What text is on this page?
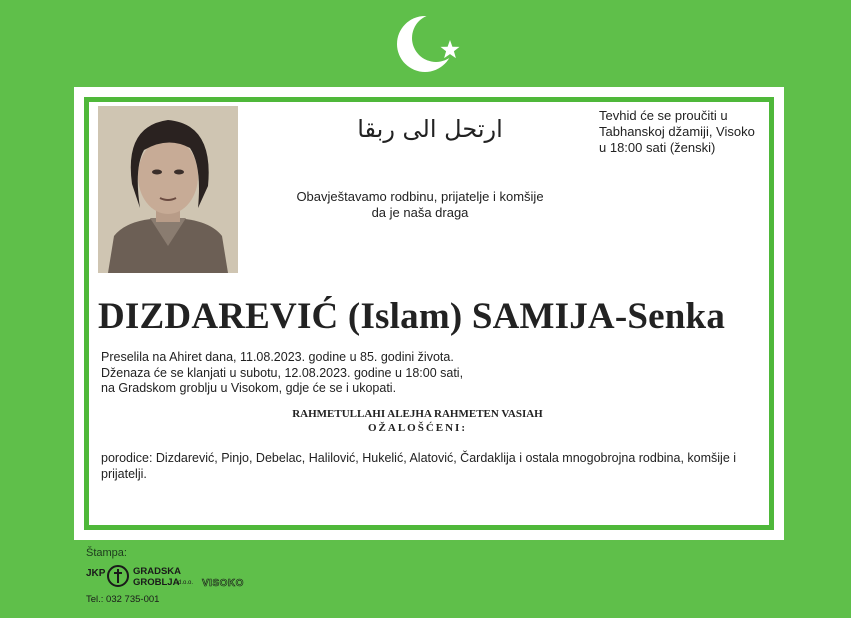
ارتحل الى ربقا	Tevhid će se proučiti u
Tabhanskoj džamiji, Visoko
u 18:00 sati (ženski)
Obavještavamo rodbinu, prijatelje i komšije
da je naša draga
DIZDAREVIĆ (Islam) SAMIJA-Senka
Preselila na Ahiret dana, 11.08.2023. godine u 85. godini života.
Dženaza će se klanjati u subotu, 12.08.2023. godine u 18:00 sati,
na Gradskom groblju u Visokom, gdje će se i ukopati.
RAHMETULLAHI ALEJHA RAHMETEN VASIAH
OŽALOŠĆENI:
porodice: Dizdarević, Pinjo, Debelac, Halilović, Hukelić, Alatović, Čardaklija i ostala mnogobrojna rodbina, komšije i prijatelji.
Štampa:
JKP	GRADSKA
GROBLJA
d.o.o. VISOKO
Tel.: 032 735-001
